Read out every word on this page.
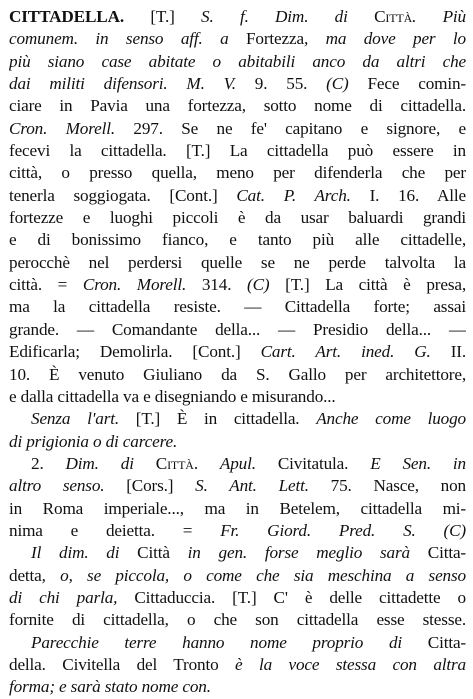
CITTADELLA. [T.] S. f. Dim. di Città. Più
comunem. in senso aff. a Fortezza, ma dove per lo
più siano case abitate o abitabili anco da altri che
dai militi difensori. M. V. 9. 55. (C) Fece comin-
ciare in Pavia una fortezza, sotto nome di cittadella.
Cron. Morell. 297. Se ne fe' capitano e signore, e
fecevi la cittadella. [T.] La cittadella può essere in
città, o presso quella, meno per difenderla che per
tenerla soggiogata. [Cont.] Cat. P. Arch. I. 16. Alle
fortezze e luoghi piccoli è da usar baluardi grandi
e di bonissimo fianco, e tanto più alle cittadelle,
perocchè nel perdersi quelle se ne perde talvolta la
città. = Cron. Morell. 314. (C) [T.] La città è presa,
ma la cittadella resiste. — Cittadella forte; assai
grande. — Comandante della... — Presidio della... —
Edificarla; Demolirla. [Cont.] Cart. Art. ined. G. II.
10. È venuto Giuliano da S. Gallo per architettore,
e dalla cittadella va e disegniando e misurando...
Senza l'art. [T.] È in cittadella. Anche come luogo
di prigionia o di carcere.
2. Dim. di Città. Apul. Civitatula. E Sen. in
altro senso. [Cors.] S. Ant. Lett. 75. Nasce, non
in Roma imperiale..., ma in Betelem, cittadella mi-
nima e deietta. = Fr. Giord. Pred. S. (C)
Il dim. di Città in gen. forse meglio sarà Citta-
detta, o, se piccola, o come che sia meschina a senso
di chi parla, Cittaduccia. [T.] C' è delle cittadette o
fornite di cittadella, o che son cittadella esse stesse.
Parecchie terre hanno nome proprio di Citta-
della. Civitella del Tronto è la voce stessa con altra
forma; e sarà stato nome con.
